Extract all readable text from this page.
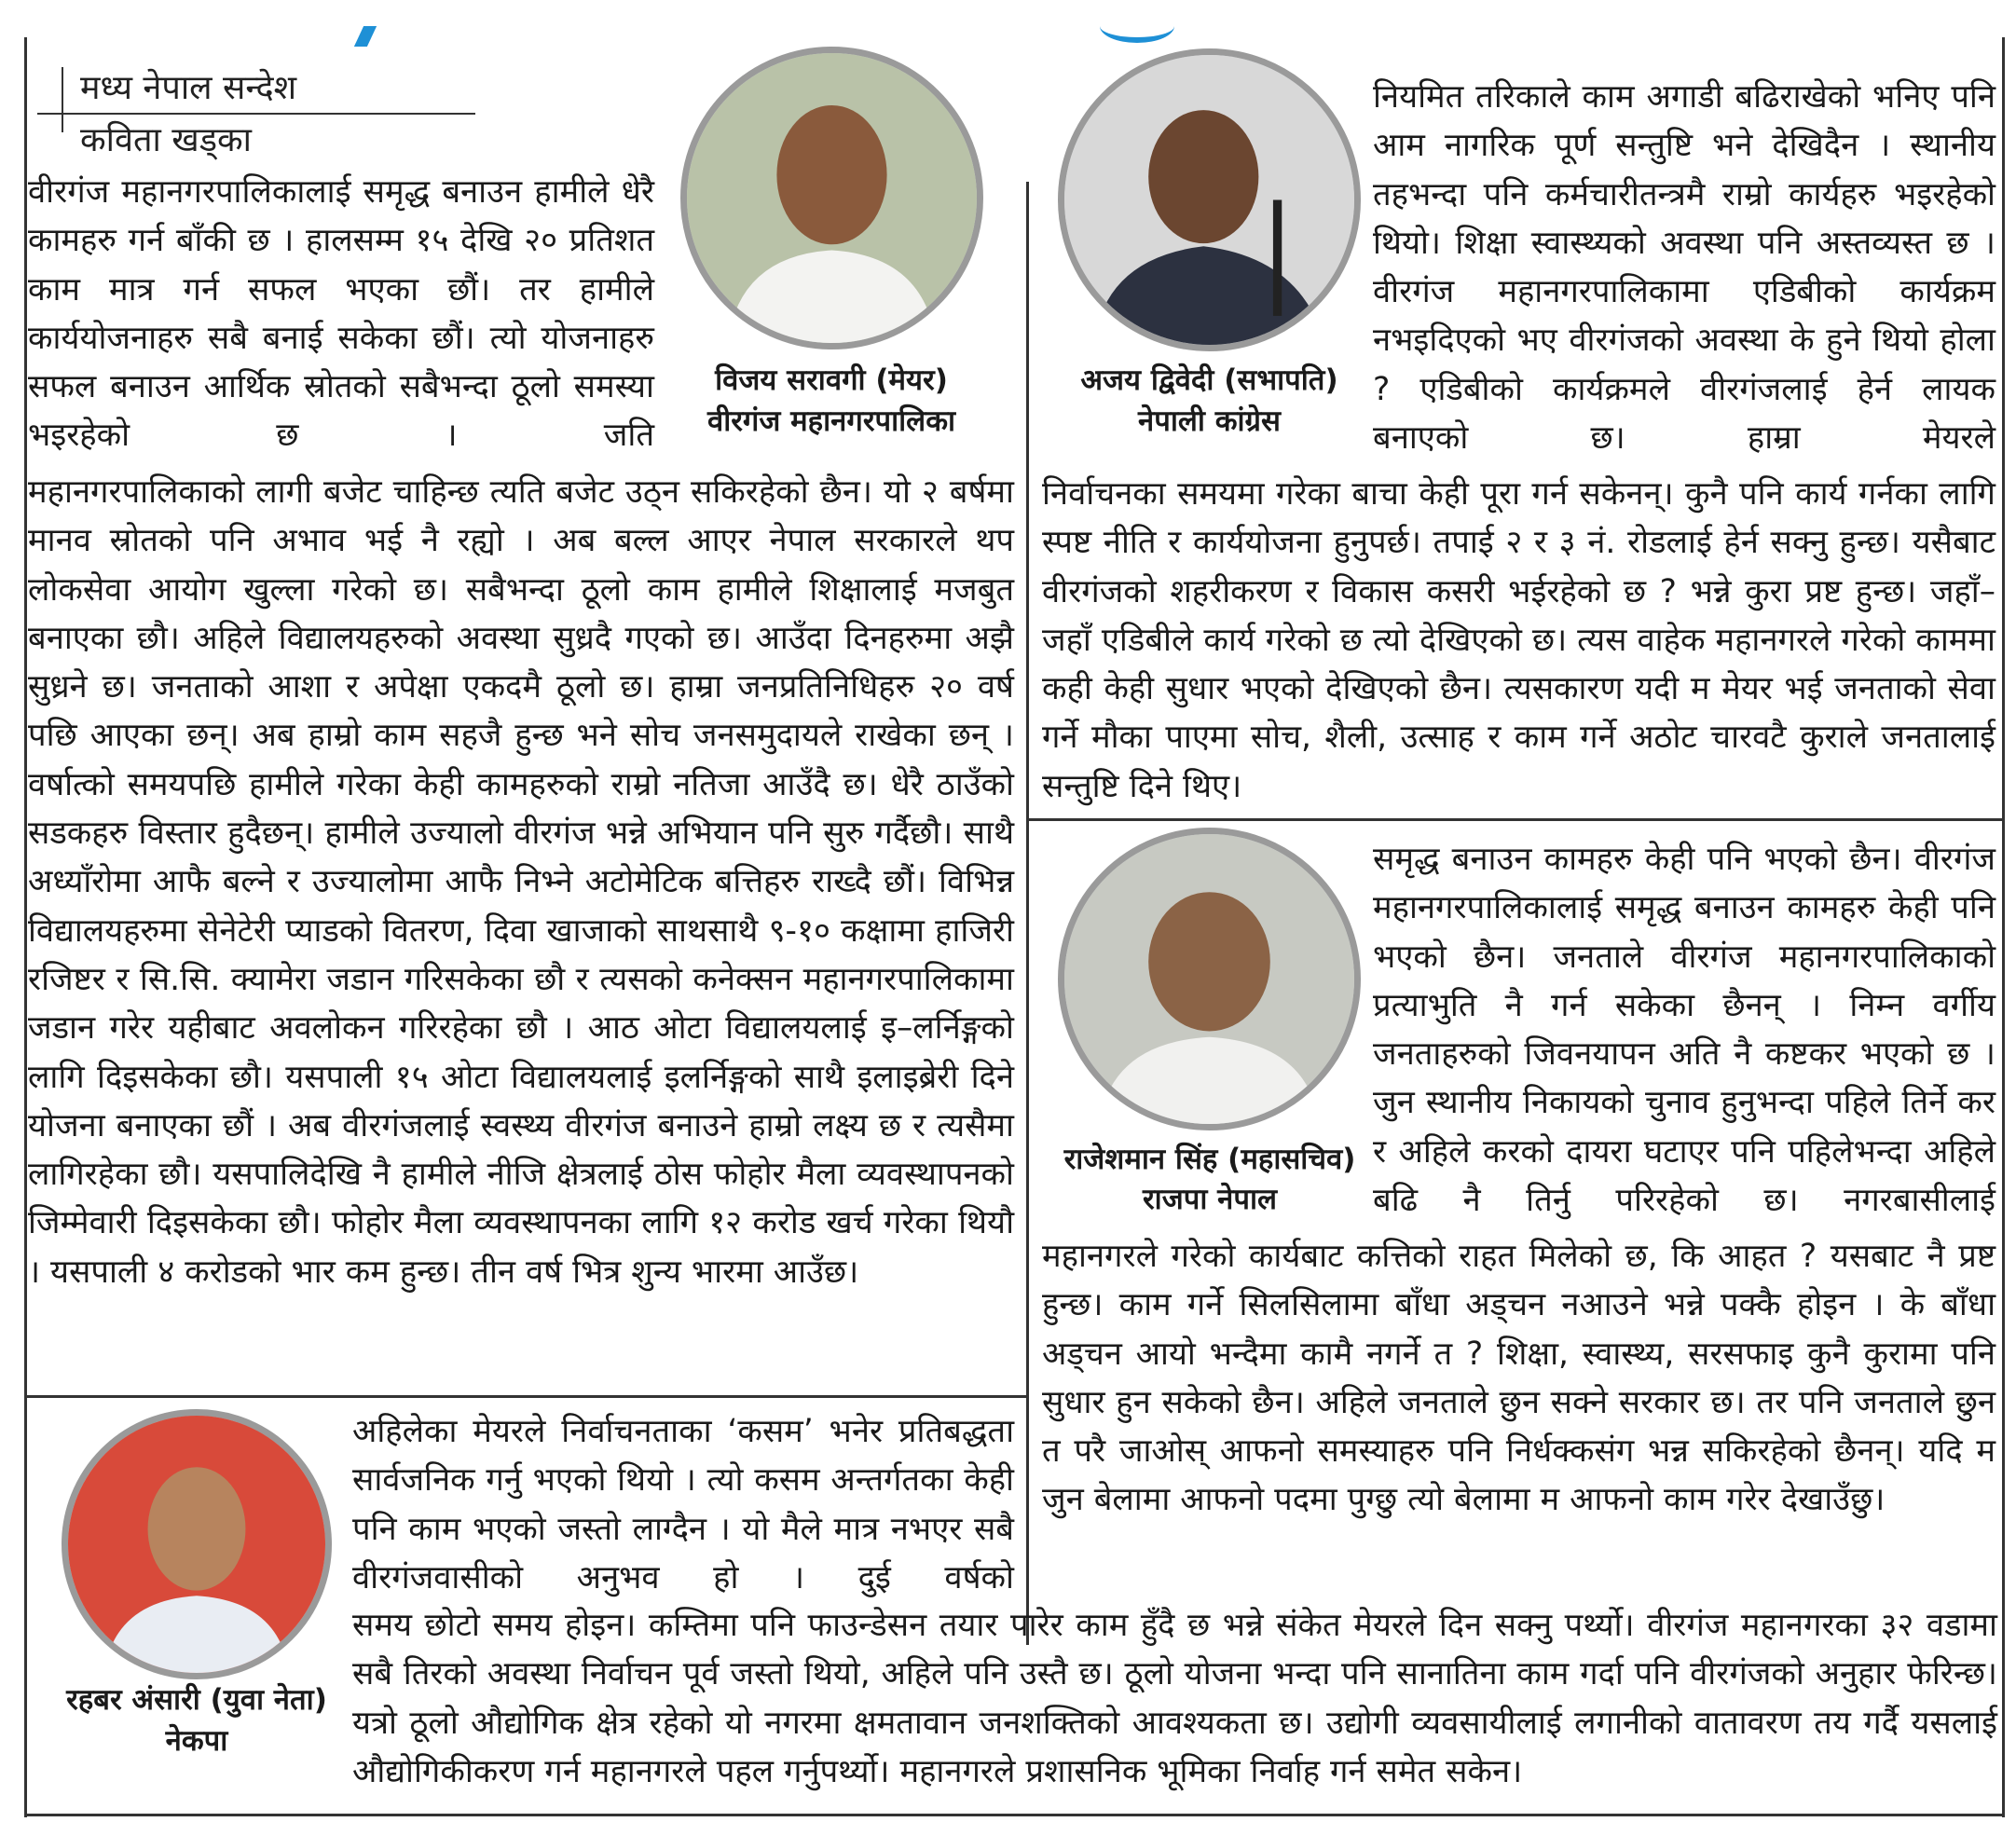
मध्य नेपाल सन्देश
कविता खड्का
वीरगंज महानगरपालिकालाई समृद्ध बनाउन हामीले धेरै कामहरु गर्न बाँकी छ । हालसम्म १५ देखि २० प्रतिशत काम मात्र गर्न सफल भएका छौं। तर हामीले कार्ययोजनाहरु सबै बनाई सकेका छौं। त्यो योजनाहरु सफल बनाउन आर्थिक स्रोतको सबैभन्दा ठूलो समस्या भइरहेको छ । जति
विजय सरावगी (मेयर)
वीरगंज महानगरपालिका
महानगरपालिकाको लागी बजेट चाहिन्छ त्यति बजेट उठ्न सकिरहेको छैन। यो २ बर्षमा मानव स्रोतको पनि अभाव भई नै रह्यो । अब बल्ल आएर नेपाल सरकारले थप लोकसेवा आयोग खुल्ला गरेको छ। सबैभन्दा ठूलो काम हामीले शिक्षालाई मजबुत बनाएका छौ। अहिले विद्यालयहरुको अवस्था सुध्रदै गएको छ। आउँदा दिनहरुमा अझै सुध्रने छ। जनताको आशा र अपेक्षा एकदमै ठूलो छ। हाम्रा जनप्रतिनिधिहरु २० वर्ष पछि आएका छन्। अब हाम्रो काम सहजै हुन्छ भने सोच जनसमुदायले राखेका छन् । वर्षात्को समयपछि हामीले गरेका केही कामहरुको राम्रो नतिजा आउँदै छ। धेरै ठाउँको सडकहरु विस्तार हुदैछन्। हामीले उज्यालो वीरगंज भन्ने अभियान पनि सुरु गर्दैछौ। साथै अध्याँरोमा आफै बल्ने र उज्यालोमा आफै निभ्ने अटोमेटिक बत्तिहरु राख्दै छौं। विभिन्न विद्यालयहरुमा सेनेटेरी प्याडको वितरण, दिवा खाजाको साथसाथै ९-१० कक्षामा हाजिरी रजिष्टर र सि.सि. क्यामेरा जडान गरिसकेका छौ र त्यसको कनेक्सन महानगरपालिकामा जडान गरेर यहीबाट अवलोकन गरिरहेका छौ । आठ ओटा विद्यालयलाई इ–लर्निङ्गको लागि दिइसकेका छौ। यसपाली १५ ओटा विद्यालयलाई इलर्निङ्गको साथै इलाइब्रेरी दिने योजना बनाएका छौं । अब वीरगंजलाई स्वस्थ्य वीरगंज बनाउने हाम्रो लक्ष्य छ र त्यसैमा लागिरहेका छौ। यसपालिदेखि नै हामीले नीजि क्षेत्रलाई ठोस फोहोर मैला व्यवस्थापनको जिम्मेवारी दिइसकेका छौ। फोहोर मैला व्यवस्थापनका लागि १२ करोड खर्च गरेका थियौ । यसपाली ४ करोडको भार कम हुन्छ। तीन वर्ष भित्र शुन्य भारमा आउँछ।
अजय द्विवेदी (सभापति)
नेपाली कांग्रेस
नियमित तरिकाले काम अगाडी बढिराखेको भनिए पनि आम नागरिक पूर्ण सन्तुष्टि भने देखिदैन । स्थानीय तहभन्दा पनि कर्मचारीतन्त्रमै राम्रो कार्यहरु भइरहेको थियो। शिक्षा स्वास्थ्यको अवस्था पनि अस्तव्यस्त छ । वीरगंज महानगरपालिकामा एडिबीको कार्यक्रम नभइदिएको भए वीरगंजको अवस्था के हुने थियो होला ? एडिबीको कार्यक्रमले वीरगंजलाई हेर्न लायक बनाएको छ। हाम्रा मेयरले
निर्वाचनका समयमा गरेका बाचा केही पूरा गर्न सकेनन्। कुनै पनि कार्य गर्नका लागि स्पष्ट नीति र कार्ययोजना हुनुपर्छ। तपाई २ र ३ नं. रोडलाई हेर्न सक्नु हुन्छ। यसैबाट वीरगंजको शहरीकरण र विकास कसरी भईरहेको छ ? भन्ने कुरा प्रष्ट हुन्छ। जहाँ–जहाँ एडिबीले कार्य गरेको छ त्यो देखिएको छ। त्यस वाहेक महानगरले गरेको काममा कही केही सुधार भएको देखिएको छैन। त्यसकारण यदी म मेयर भई जनताको सेवा गर्ने मौका पाएमा सोच, शैली, उत्साह र काम गर्ने अठोट चारवटै कुराले जनतालाई सन्तुष्टि दिने थिए।
राजेशमान सिंह (महासचिव)
राजपा नेपाल
समृद्ध बनाउन कामहरु केही पनि भएको छैन। वीरगंज महानगरपालिकालाई समृद्ध बनाउन कामहरु केही पनि भएको छैन। जनताले वीरगंज महानगरपालिकाको प्रत्याभुति नै गर्न सकेका छैनन् । निम्न वर्गीय जनताहरुको जिवनयापन अति नै कष्टकर भएको छ । जुन स्थानीय निकायको चुनाव हुनुभन्दा पहिले तिर्ने कर र अहिले करको दायरा घटाएर पनि पहिलेभन्दा अहिले बढि नै तिर्नु परिरहेको छ। नगरबासीलाई
महानगरले गरेको कार्यबाट कत्तिको राहत मिलेको छ, कि आहत ? यसबाट नै प्रष्ट हुन्छ। काम गर्ने सिलसिलामा बाँधा अड्चन नआउने भन्ने पक्कै होइन । के बाँधा अड्चन आयो भन्दैमा कामै नगर्ने त ? शिक्षा, स्वास्थ्य, सरसफाइ कुनै कुरामा पनि सुधार हुन सकेको छैन। अहिले जनताले छुन सक्ने सरकार छ। तर पनि जनताले छुन त परै जाओस् आफनो समस्याहरु पनि निर्धक्कसंग भन्न सकिरहेको छैनन्। यदि म जुन बेलामा आफनो पदमा पुग्छु त्यो बेलामा म आफनो काम गरेर देखाउँछु।
रहबर अंसारी (युवा नेता)
नेकपा
अहिलेका मेयरले निर्वाचनताका ‘कसम’ भनेर प्रतिबद्धता सार्वजनिक गर्नु भएको थियो । त्यो कसम अन्तर्गतका केही पनि काम भएको जस्तो लाग्दैन । यो मैले मात्र नभएर सबै वीरगंजवासीको अनुभव हो । दुई वर्षको
समय छोटो समय होइन। कम्तिमा पनि फाउन्डेसन तयार पारेर काम हुँदै छ भन्ने संकेत मेयरले दिन सक्नु पर्थ्यो। वीरगंज महानगरका ३२ वडामा सबै तिरको अवस्था निर्वाचन पूर्व जस्तो थियो, अहिले पनि उस्तै छ। ठूलो योजना भन्दा पनि सानातिना काम गर्दा पनि वीरगंजको अनुहार फेरिन्छ। यत्रो ठूलो औद्योगिक क्षेत्र रहेको यो नगरमा क्षमतावान जनशक्तिको आवश्यकता छ। उद्योगी व्यवसायीलाई लगानीको वातावरण तय गर्दै यसलाई औद्योगिकीकरण गर्न महानगरले पहल गर्नुपर्थ्यो। महानगरले प्रशासनिक भूमिका निर्वाह गर्न समेत सकेन।
